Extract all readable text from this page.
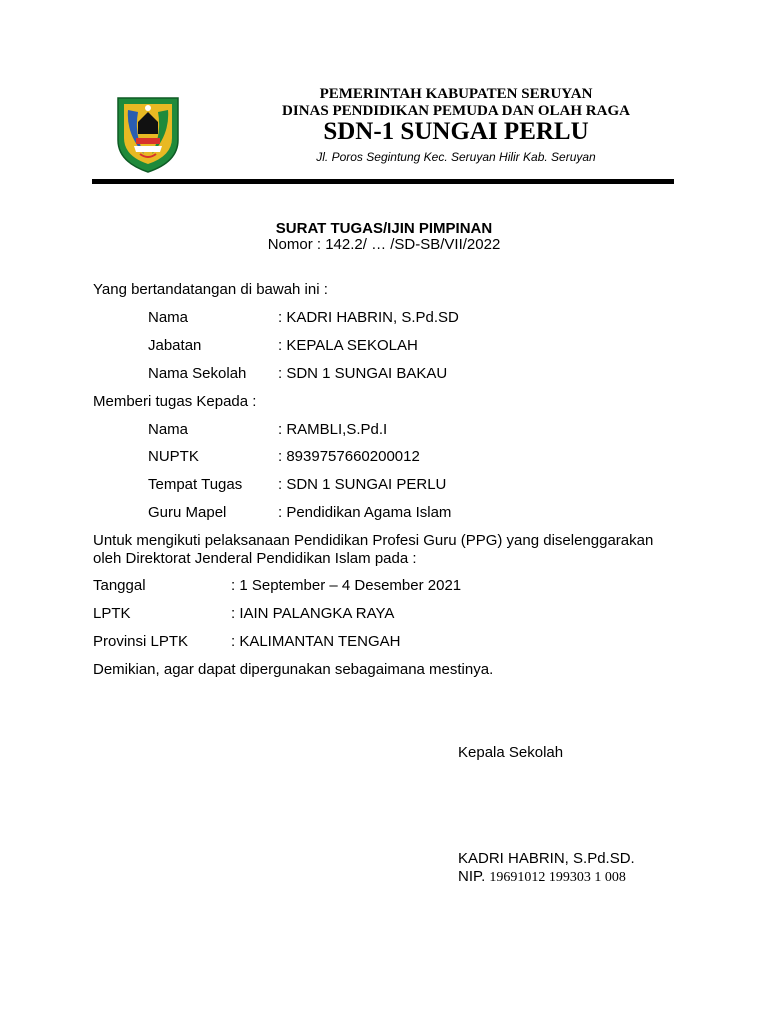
PEMERINTAH KABUPATEN SERUYAN
DINAS PENDIDIKAN PEMUDA DAN OLAH RAGA
SDN-1 SUNGAI PERLU
Jl. Poros Segintung Kec. Seruyan Hilir Kab. Seruyan
SURAT TUGAS/IJIN PIMPINAN
Nomor : 142.2/ … /SD-SB/VII/2022
Yang bertandatangan di bawah ini :
Nama	: KADRI HABRIN, S.Pd.SD
Jabatan	: KEPALA SEKOLAH
Nama Sekolah : SDN 1 SUNGAI BAKAU
Memberi tugas Kepada :
Nama	: RAMBLI,S.Pd.I
NUPTK	: 8939757660200012
Tempat Tugas : SDN 1 SUNGAI PERLU
Guru Mapel	: Pendidikan Agama Islam
Untuk mengikuti pelaksanaan Pendidikan Profesi Guru (PPG) yang diselenggarakan oleh Direktorat Jenderal Pendidikan Islam pada :
Tanggal	: 1 September – 4 Desember 2021
LPTK	: IAIN PALANGKA RAYA
Provinsi LPTK	: KALIMANTAN TENGAH
Demikian, agar dapat dipergunakan sebagaimana mestinya.
Kepala Sekolah
KADRI HABRIN, S.Pd.SD.
NIP. 19691012 199303 1 008
